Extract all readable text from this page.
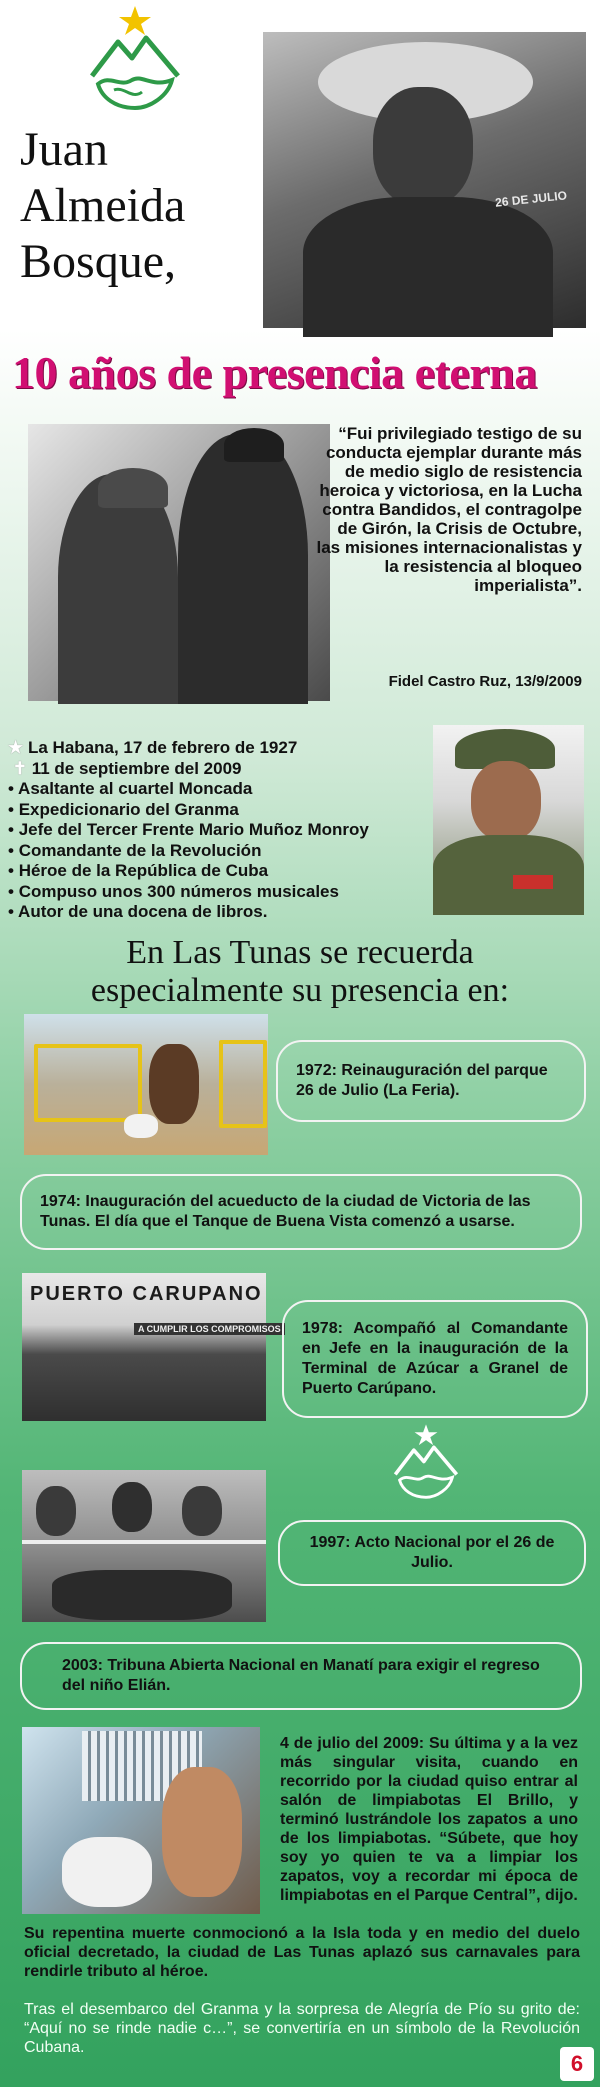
26 DE JULIO
Juan
Almeida
Bosque,
10 años de presencia eterna
“Fui privilegiado testigo de su conducta ejemplar durante más de medio siglo de resistencia heroica y victoriosa, en la Lucha contra Bandidos, el contragolpe de Girón, la Crisis de Octubre, las misiones internacionalistas y la resistencia al bloqueo imperialista”.
Fidel Castro Ruz, 13/9/2009
★ La Habana, 17 de febrero de 1927
✝ 11 de septiembre del 2009
• Asaltante al cuartel Moncada
• Expedicionario del Granma
• Jefe del Tercer Frente Mario Muñoz Monroy
• Comandante de la Revolución
• Héroe de la República de Cuba
• Compuso unos 300 números musicales
• Autor de una docena de libros.
En Las Tunas se recuerda
especialmente su presencia en:
1972: Reinauguración del parque 26 de Julio (La Feria).
1974: Inauguración del acueducto de la ciudad de Victoria de las Tunas. El día que el Tanque de Buena Vista comenzó a usarse.
PUERTO CARUPANO
A CUMPLIR LOS COMPROMISOS 1978: Acompañó al Comandante en Jefe en la inauguración de la Terminal de Azúcar a Granel de Puerto Carúpano.
1997: Acto Nacional por el 26 de Julio.
2003: Tribuna Abierta Nacional en Manatí para exigir el regreso del niño Elián.
4 de julio del 2009: Su última y a la vez más singular visita, cuando en recorrido por la ciudad quiso entrar al salón de limpiabotas El Brillo, y terminó lustrándole los zapatos a uno de los limpiabotas. “Súbete, que hoy soy yo quien te va a limpiar los zapatos, voy a recordar mi época de limpiabotas en el Parque Central”, dijo.
Su repentina muerte conmocionó a la Isla toda y en medio del duelo oficial decretado, la ciudad de Las Tunas aplazó sus carnavales para rendirle tributo al héroe.
Tras el desembarco del Granma y la sorpresa de Alegría de Pío su grito de: “Aquí no se rinde nadie c…”, se convertiría en un símbolo de la Revolución Cubana.
6
